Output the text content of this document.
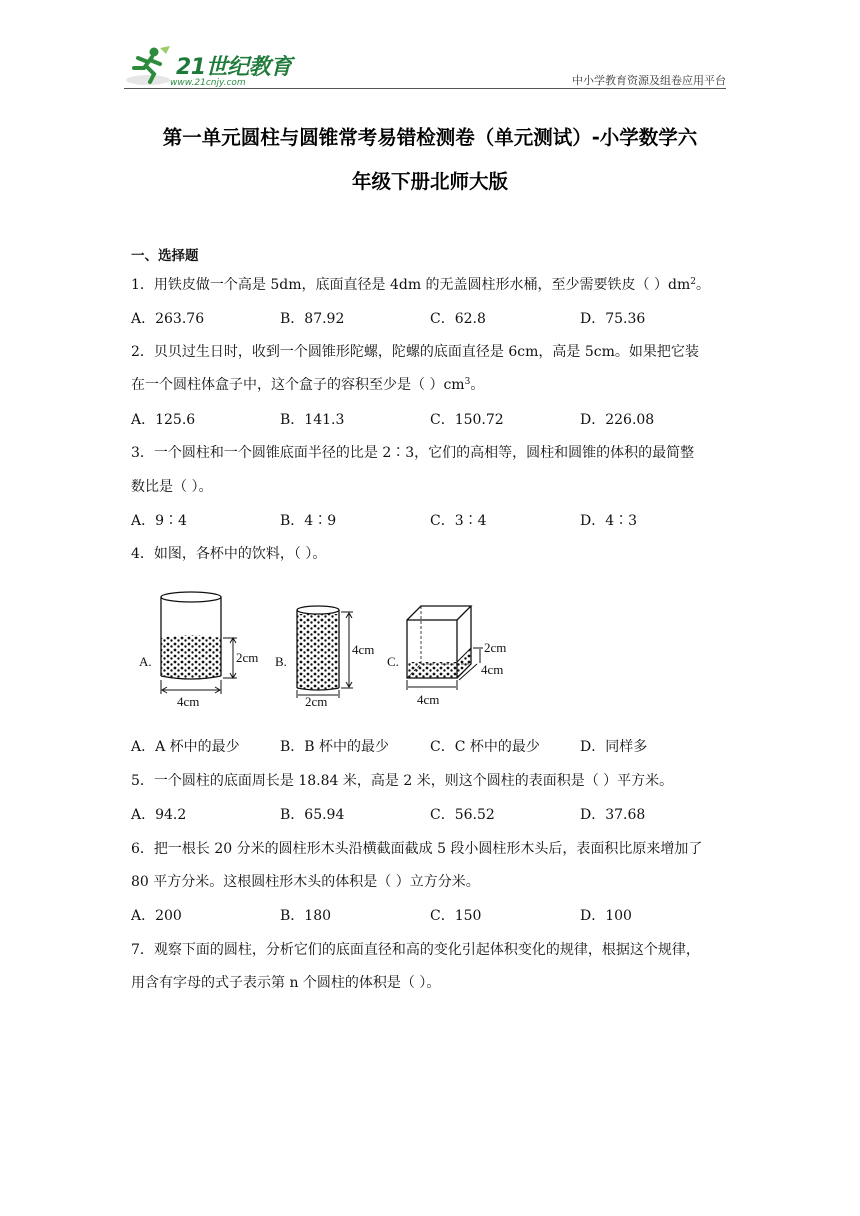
21世纪教育
www.21cnjy.com	中小学教育资源及组卷应用平台
第一单元圆柱与圆锥常考易错检测卷（单元测试）-小学数学六
年级下册北师大版
一、选择题
1．用铁皮做一个高是 5dm，底面直径是 4dm 的无盖圆柱形水桶，至少需要铁皮（ ）$dm^2$。
A．263.76	B．87.92	C．62.8	D．75.36
2．贝贝过生日时，收到一个圆锥形陀螺，陀螺的底面直径是 6cm，高是 5cm。如果把它装
在一个圆柱体盒子中，这个盒子的容积至少是（ ）$cm^3$。
A．125.6	B．141.3	C．150.72	D．226.08
3．一个圆柱和一个圆锥底面半径的比是 2∶3，它们的高相等，圆柱和圆锥的体积的最简整
数比是（ ）。
A．9∶4	B．4∶9	C．3∶4	D．4∶3
4．如图，各杯中的饮料，（ ）。
A.	2cm
4cm
B.
4cm
2cm
C.
2cm
4cm
4cm
A．A 杯中的最少	B．B 杯中的最少	C．C 杯中的最少	D．同样多
5．一个圆柱的底面周长是 18.84 米，高是 2 米，则这个圆柱的表面积是（ ）平方米。
A．94.2	B．65.94	C．56.52	D．37.68
6．把一根长 20 分米的圆柱形木头沿横截面截成 5 段小圆柱形木头后，表面积比原来增加了
80 平方分米。这根圆柱形木头的体积是（ ）立方分米。
A．200	B．180	C．150	D．100
7．观察下面的圆柱，分析它们的底面直径和高的变化引起体积变化的规律，根据这个规律，
用含有字母的式子表示第 n 个圆柱的体积是（ ）。
